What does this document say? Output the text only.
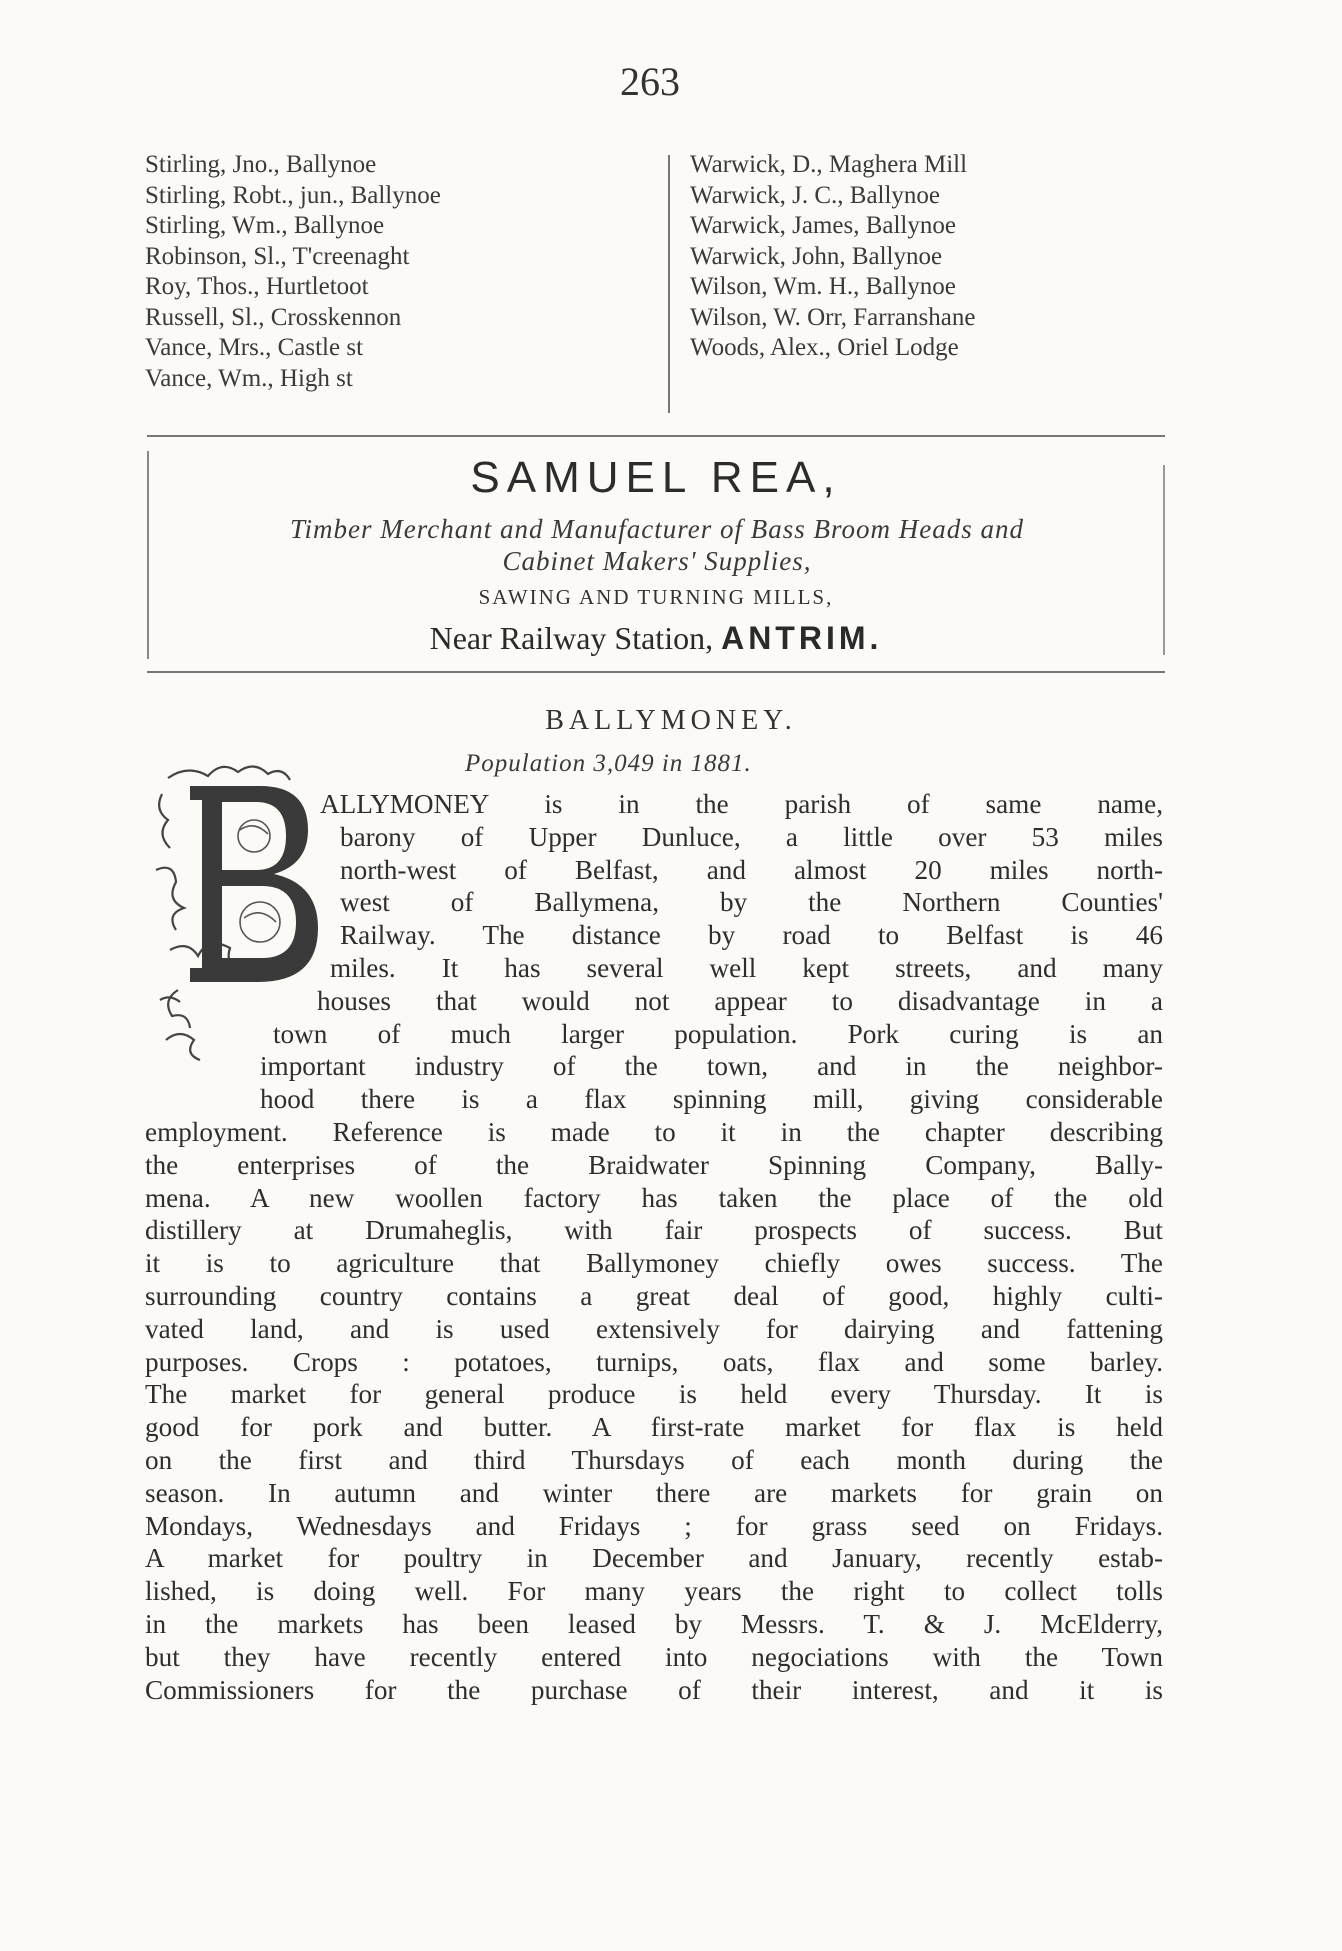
263
Stirling, Jno., Ballynoe
Stirling, Robt., jun., Ballynoe
Stirling, Wm., Ballynoe
Robinson, Sl., T'creenaght
Roy, Thos., Hurtletoot
Russell, Sl., Crosskennon
Vance, Mrs., Castle st
Vance, Wm., High st
Warwick, D., Maghera Mill
Warwick, J. C., Ballynoe
Warwick, James, Ballynoe
Warwick, John, Ballynoe
Wilson, Wm. H., Ballynoe
Wilson, W. Orr, Farranshane
Woods, Alex., Oriel Lodge
SAMUEL REA,
Timber Merchant and Manufacturer of Bass Broom Heads and
Cabinet Makers' Supplies,
SAWING AND TURNING MILLS,
Near Railway Station, ANTRIM.
BALLYMONEY.
Population 3,049 in 1881.
ALLYMONEY is in the parish of same name,
barony of Upper Dunluce, a little over 53 miles
north-west of Belfast, and almost 20 miles north-
west of Ballymena, by the Northern Counties'
Railway. The distance by road to Belfast is 46
miles. It has several well kept streets, and many
houses that would not appear to disadvantage in a
town of much larger population. Pork curing is an
important industry of the town, and in the neighbor-
hood there is a flax spinning mill, giving considerable
employment. Reference is made to it in the chapter describing
the enterprises of the Braidwater Spinning Company, Bally-
mena. A new woollen factory has taken the place of the old
distillery at Drumaheglis, with fair prospects of success. But
it is to agriculture that Ballymoney chiefly owes success. The
surrounding country contains a great deal of good, highly culti-
vated land, and is used extensively for dairying and fattening
purposes. Crops : potatoes, turnips, oats, flax and some barley.
The market for general produce is held every Thursday. It is
good for pork and butter. A first-rate market for flax is held
on the first and third Thursdays of each month during the
season. In autumn and winter there are markets for grain on
Mondays, Wednesdays and Fridays ; for grass seed on Fridays.
A market for poultry in December and January, recently estab-
lished, is doing well. For many years the right to collect tolls
in the markets has been leased by Messrs. T. & J. McElderry,
but they have recently entered into negociations with the Town
Commissioners for the purchase of their interest, and it is
